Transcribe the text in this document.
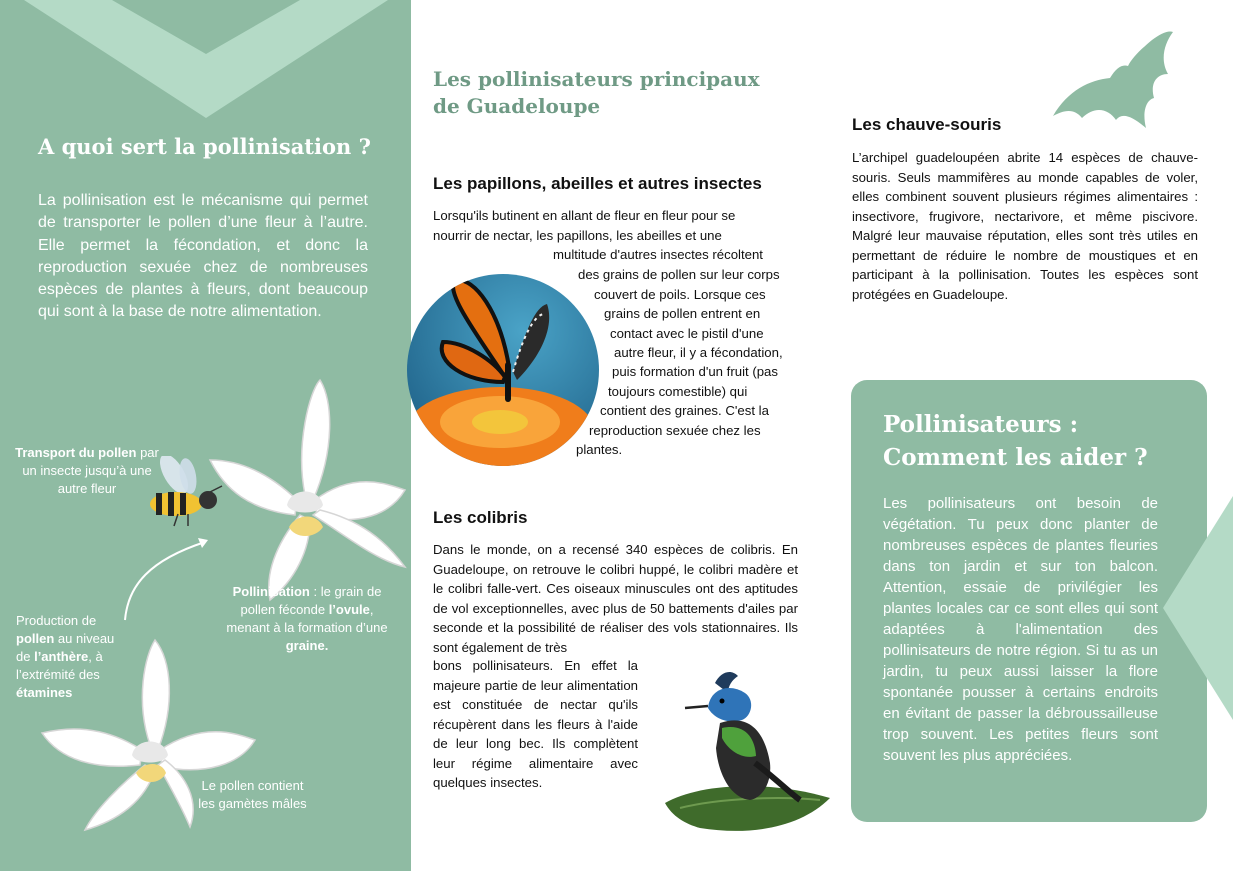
A quoi sert la pollinisation ?

La pollinisation est le mécanisme qui permet de transporter le pollen d’une fleur à l’autre. Elle permet la fécondation, et donc la reproduction sexuée chez de nombreuses espèces de plantes à fleurs, dont beaucoup qui sont à la base de notre alimentation.

Transport du pollen par un insecte jusqu’à une autre fleur

Pollinisation : le grain de pollen féconde l’ovule, menant à la formation d’une graine.

Production de pollen au niveau de l’anthère, à l’extrémité des étamines

Le pollen contient les gamètes mâles

Les pollinisateurs principaux
de Guadeloupe
Les papillons, abeilles et autres insectes
Lorsqu'ils butinent en allant de fleur en fleur pour se
nourrir de nectar, les papillons, les abeilles et une
multitude d'autres insectes récoltent
des grains de pollen sur leur corps
couvert de poils. Lorsque ces
grains de pollen entrent en
contact avec le pistil d'une
autre fleur, il y a fécondation,
puis formation d'un fruit (pas
toujours comestible) qui
contient des graines. C'est la
reproduction sexuée chez les
plantes.
Les colibris

Dans le monde, on a recensé 340 espèces de colibris. En Guadeloupe, on retrouve le colibri huppé, le colibri madère et le colibri falle-vert. Ces oiseaux minuscules ont des aptitudes de vol exceptionnelles, avec plus de 50 battements d'ailes par seconde et la possibilité de réaliser des vols stationnaires. Ils sont également de très

bons pollinisateurs. En effet la majeure partie de leur alimentation est constituée de nectar qu'ils récupèrent dans les fleurs à l'aide de leur long bec. Ils complètent leur régime alimentaire avec quelques insectes.

Les chauve-souris

L’archipel guadeloupéen abrite 14 espèces de chauve-souris. Seuls mammifères au monde capables de voler, elles combinent souvent plusieurs régimes alimentaires : insectivore, frugivore, nectarivore, et même piscivore. Malgré leur mauvaise réputation, elles sont très utiles en permettant de réduire le nombre de moustiques et en participant à la pollinisation. Toutes les espèces sont protégées en Guadeloupe.

Pollinisateurs :
Comment les aider ?

Les pollinisateurs ont besoin de végétation. Tu peux donc planter de nombreuses espèces de plantes fleuries dans ton jardin et sur ton balcon. Attention, essaie de privilégier les plantes locales car ce sont elles qui sont adaptées à l'alimentation des pollinisateurs de notre région. Si tu as un jardin, tu peux aussi laisser la flore spontanée pousser à certains endroits en évitant de passer la débroussailleuse trop souvent. Les petites fleurs sont souvent les plus appréciées.
